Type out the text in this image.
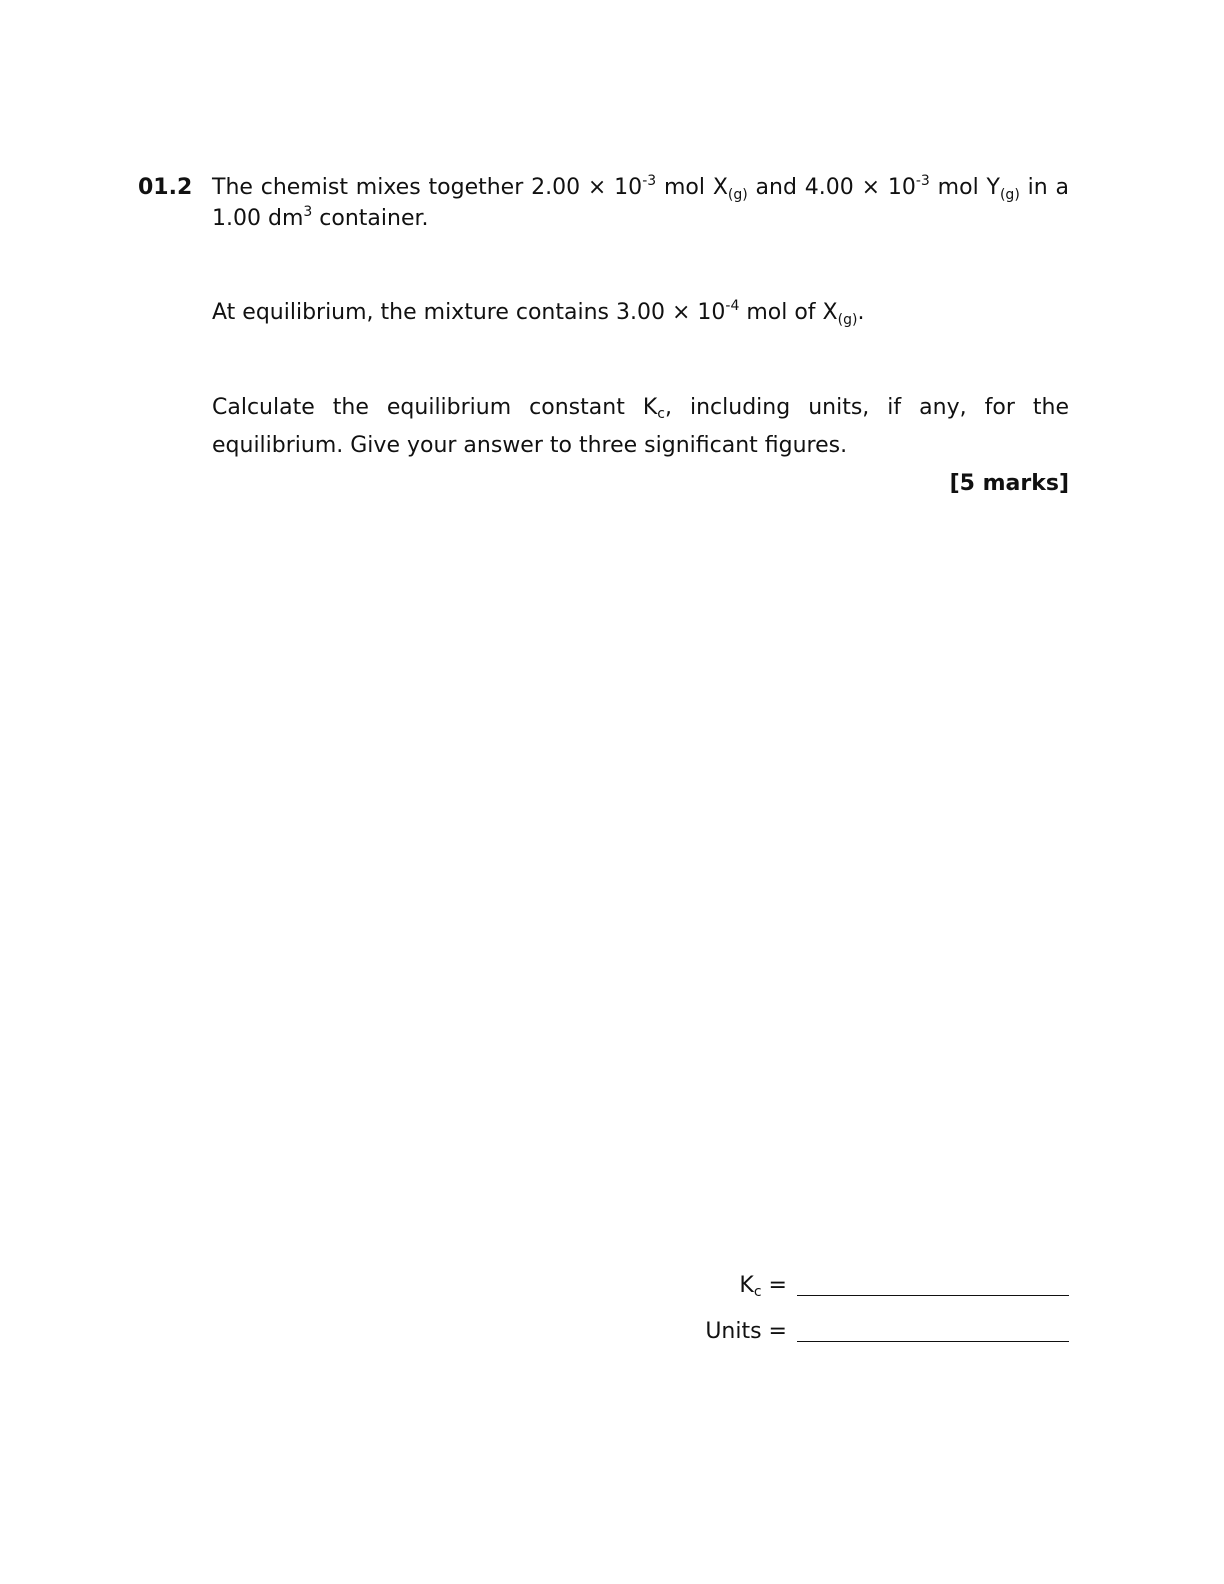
01.2 The chemist mixes together $2.00 \times 10^{-3}$ mol $X_{(g)}$ and $4.00 \times 10^{-3}$ mol $Y_{(g)}$ in a 1.00 $dm^3$ container.
At equilibrium, the mixture contains $3.00 \times 10^{-4}$ mol of $X_{(g)}$.
Calculate the equilibrium constant Kc, including units, if any, for the equilibrium. Give your answer to three significant figures.
[5 marks]
Kc =
Units =
